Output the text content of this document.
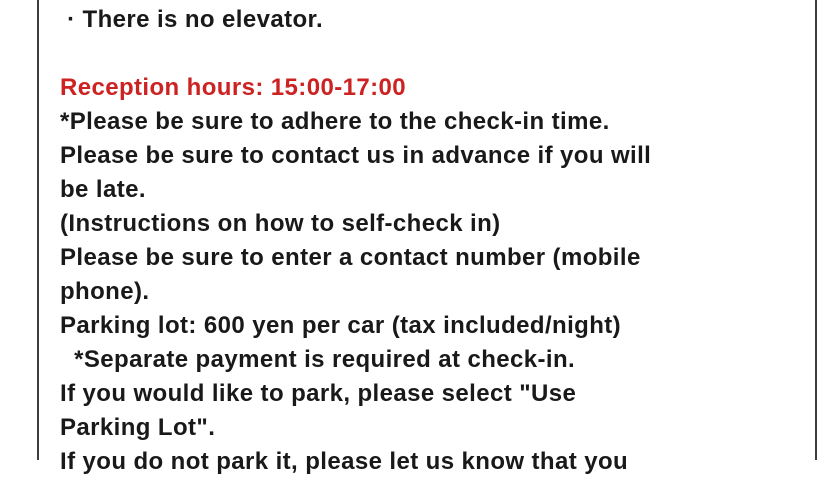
· There is no elevator.

Reception hours: 15:00-17:00
*Please be sure to adhere to the check-in time.
Please be sure to contact us in advance if you will
be late.
(Instructions on how to self-check in)
Please be sure to enter a contact number (mobile
phone).
Parking lot: 600 yen per car (tax included/night)
*Separate payment is required at check-in.
If you would like to park, please select "Use
Parking Lot".
If you do not park it, please let us know that you
